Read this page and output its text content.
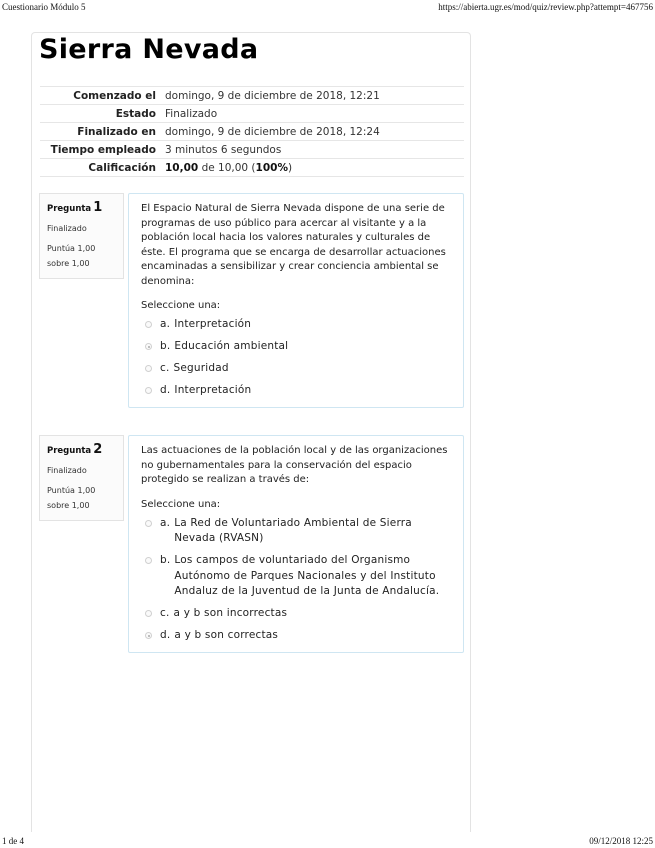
Cuestionario Módulo 5	https://abierta.ugr.es/mod/quiz/review.php?attempt=467756
1 de 4	09/12/2018 12:25
Sierra Nevada
Comenzado el	domingo, 9 de diciembre de 2018, 12:21
Estado	Finalizado
Finalizado en	domingo, 9 de diciembre de 2018, 12:24
Tiempo empleado	3 minutos 6 segundos
Calificación	10,00 de 10,00 (100%)
Pregunta 1
Finalizado
Puntúa 1,00 sobre 1,00
El Espacio Natural de Sierra Nevada dispone de una serie de programas de uso público para acercar al visitante y a la población local hacia los valores naturales y culturales de éste. El programa que se encarga de desarrollar actuaciones encaminadas a sensibilizar y crear conciencia ambiental se denomina:
Seleccione una:
a. Interpretación
b. Educación ambiental
c. Seguridad
d. Interpretación
Pregunta 2
Finalizado
Puntúa 1,00 sobre 1,00
Las actuaciones de la población local y de las organizaciones no gubernamentales para la conservación del espacio protegido se realizan a través de:
Seleccione una:
a. La Red de Voluntariado Ambiental de Sierra Nevada (RVASN)
b. Los campos de voluntariado del Organismo Autónomo de Parques Nacionales y del Instituto Andaluz de la Juventud de la Junta de Andalucía.
c. a y b son incorrectas
d. a y b son correctas
